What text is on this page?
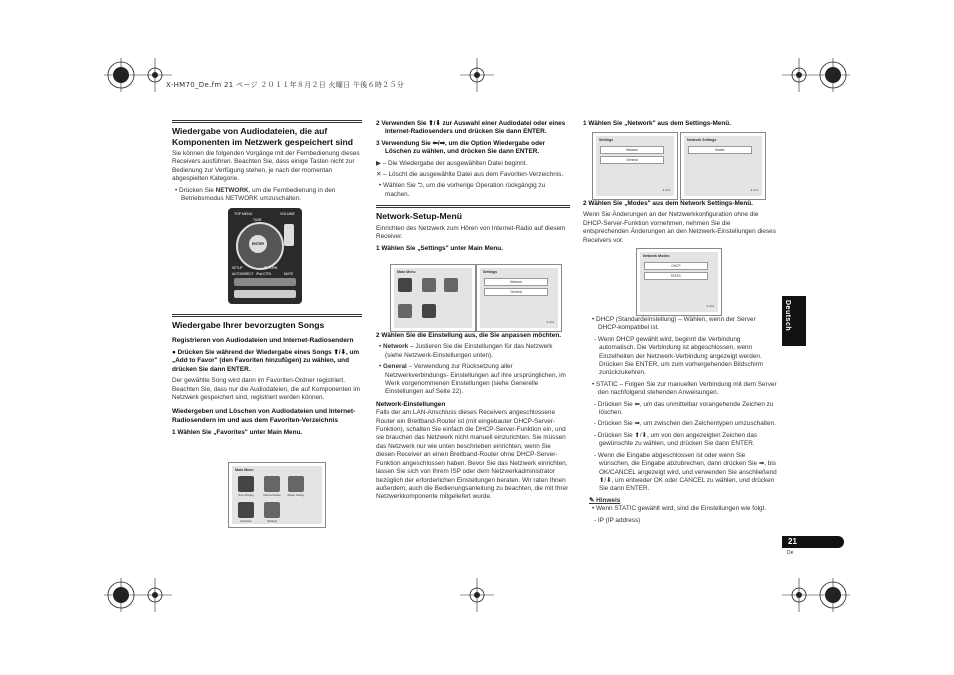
X-HM70_De.fm 21 ページ ２０１１年８月２日 火曜日 午後６時２５分
Wiedergabe von Audiodateien, die auf Komponenten im Netzwerk gespeichert sind

Sie können die folgenden Vorgänge mit der Fernbedienung dieses Receivers ausführen. Beachten Sie, dass einige Tasten nicht zur Bedienung zur Verfügung stehen, je nach der momentan abgespielten Kategorie.

• Drücken Sie NETWORK, um die Fernbedienung in den Betriebsmodus NETWORK umzuschalten.

ENTER
TOP MENU	VOLUME
TUNE
SETUP	RETURN
AUTO/DIRECT iPod CTRL	MUTE
Wiedergabe Ihrer bevorzugten Songs
Registrieren von Audiodateien und Internet-Radiosendern

● Drücken Sie während der Wiedergabe eines Songs ⬆/⬇, um „Add to Favor" (den Favoriten hinzufügen) zu wählen, und drücken Sie dann ENTER.

Der gewählte Song wird dann im Favoriten-Ordner registriert. Beachten Sie, dass nur die Audiodateien, die auf Komponenten im Netzwerk gespeichert sind, registriert werden können.

Wiedergeben und Löschen von Audiodateien und Internet- Radiosendern im und aus dem Favoriten-Verzeichnis

1 Wählen Sie „Favorites" unter Main Menu.

Main Menu
Now Playing	Internet Radio	Music Library
Favorites	Settings

2 Verwenden Sie ⬆/⬇ zur Auswahl einer Audiodatei oder eines Internet-Radiosenders und drücken Sie dann ENTER.

3 Verwendung Sie ⬅/➡, um die Option Wiedergabe oder Löschen zu wählen, und drücken Sie dann ENTER.

▶ – Die Wiedergabe der ausgewählten Datei beginnt.

✕ – Löscht die ausgewählte Datei aus dem Favoriten-Verzeichnis.

• Wählen Sie ⮌, um die vorherige Operation rückgängig zu machen.

Network-Setup-Menü

Einrichten des Netzwerk zum Hören von Internet-Radio auf diesem Receiver.

1 Wählen Sie „Settings" unter Main Menu.

Main Menu	Settings
Network
General
1 of 2

2 Wählen Sie die Einstellung aus, die Sie anpassen möchten.

• Network – Justieren Sie die Einstellungen für das Netzwerk (siehe Netzwerk-Einstellungen unten).

• General – Verwendung zur Rücksetzung aller Netzwerkverbindungs- Einstellungen auf ihre ursprünglichen, im Werk vorgenommenen Einstellungen (siehe Generelle Einstellungen auf Seite 22).

Network-Einstellungen

Falls der am LAN-Anschluss dieses Receivers angeschlossene Router ein Breitband-Router ist (mit eingebauter DHCP-Server-Funktion), schalten Sie einfach die DHCP-Server-Funktion ein, und sie brauchen das Netzwerk nicht manuell einzurichten. Sie müssen das Netzwerk nur wie unten beschrieben einrichten, wenn Sie diesen Receiver an einen Breitband-Router ohne DHCP-Server-Funktion angeschlossen haben. Bevor Sie das Netzwerk einrichten, lassen Sie sich von Ihrem ISP oder dem Netzwerkadministrator bezüglich der erforderlichen Einstellungen beraten. Wir raten Ihnen außerdem, auch die Bedienungsanleitung zu beachten, die mit Ihrer Netzwerkkomponente mitgeliefert wurde.

1 Wählen Sie „Network" aus dem Settings-Menü.

Settings
Network
General
1 of 2
Network Settings
Modes
1 of 1

2 Wählen Sie „Modes" aus dem Network Settings-Menü.

Wenn Sie Änderungen an der Netzwerkkonfiguration ohne die DHCP-Server-Funktion vornehmen, nehmen Sie die entsprechenden Änderungen an den Netzwerk-Einstellungen dieses Receivers vor.

Network Modes
DHCP
STATIC
1 of 2

• DHCP (Standardeinstellung) – Wählen, wenn der Server DHCP-kompatibel ist.

- Wenn DHCP gewählt wird, beginnt die Verbindung automatisch. Die Verbindung ist abgeschlossen, wenn Einzelheiten der Netzwerk-Verbindung angezeigt werden. Drücken Sie ENTER, um zum vorhergehenden Bildschirm zurückzukehren.

• STATIC – Folgen Sie zur manuellen Verbindung mit dem Server den nachfolgend stehenden Anweisungen.

- Drücken Sie ⬅, um das unmittelbar vorangehende Zeichen zu löschen.

- Drücken Sie ➡, um zwischen den Zeichentypen umzuschalten.

- Drücken Sie ⬆/⬇, um von den angezeigten Zeichen das gewünschte zu wählen, und drücken Sie dann ENTER.

- Wenn die Eingabe abgeschlossen ist oder wenn Sie wünschen, die Eingabe abzubrechen, dann drücken Sie ➡, bis OK/CANCEL angezeigt wird, und verwenden Sie anschließend ⬆/⬇, um entweder OK oder CANCEL zu wählen, und drücken Sie dann ENTER.

✎ Hinweis

• Wenn STATIC gewählt wird, sind die Einstellungen wie folgt.

- IP (IP address)

Deutsch
21
De
